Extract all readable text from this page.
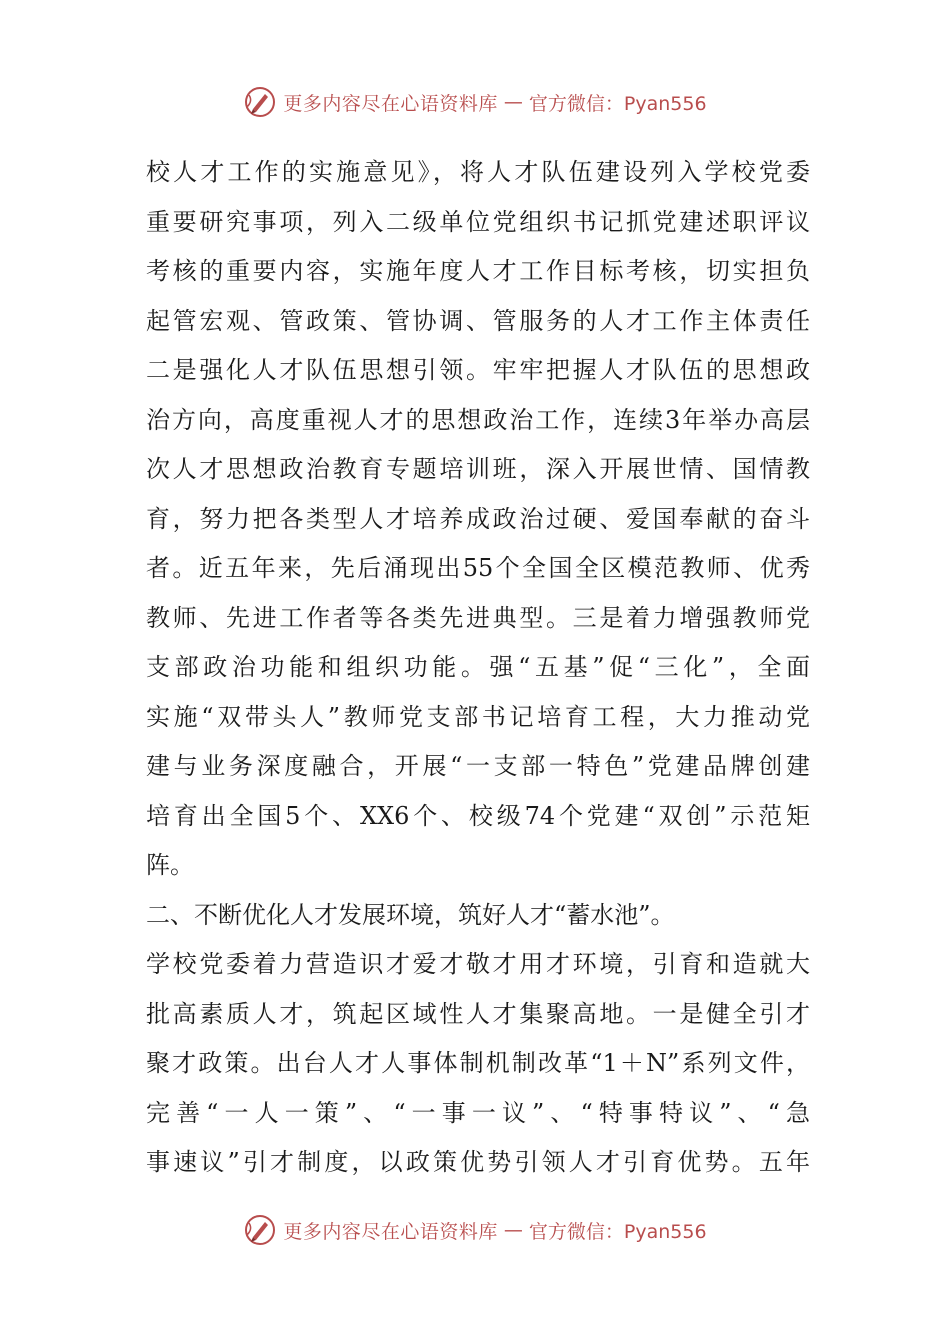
更多内容尽在心语资料库 — 官方微信：Pyan556
校人才工作的实施意见》，将人才队伍建设列入学校党委
重要研究事项，列入二级单位党组织书记抓党建述职评议
考核的重要内容，实施年度人才工作目标考核，切实担负
起管宏观、管政策、管协调、管服务的人才工作主体责任
二是强化人才队伍思想引领。牢牢把握人才队伍的思想政
治方向，高度重视人才的思想政治工作，连续3年举办高层
次人才思想政治教育专题培训班，深入开展世情、国情教
育，努力把各类型人才培养成政治过硬、爱国奉献的奋斗
者。近五年来，先后涌现出55个全国全区模范教师、优秀
教师、先进工作者等各类先进典型。三是着力增强教师党
支部政治功能和组织功能。强“五基”促“三化”，全面
实施“双带头人”教师党支部书记培育工程，大力推动党
建与业务深度融合，开展“一支部一特色”党建品牌创建
培育出全国5个、XX6个、校级74个党建“双创”示范矩
阵。
二、不断优化人才发展环境，筑好人才“蓄水池”。
学校党委着力营造识才爱才敬才用才环境，引育和造就大
批高素质人才，筑起区域性人才集聚高地。一是健全引才
聚才政策。出台人才人事体制机制改革“1＋N”系列文件，
完善“一人一策”、“一事一议”、“特事特议”、“急
事速议”引才制度，以政策优势引领人才引育优势。五年
更多内容尽在心语资料库 — 官方微信：Pyan556
